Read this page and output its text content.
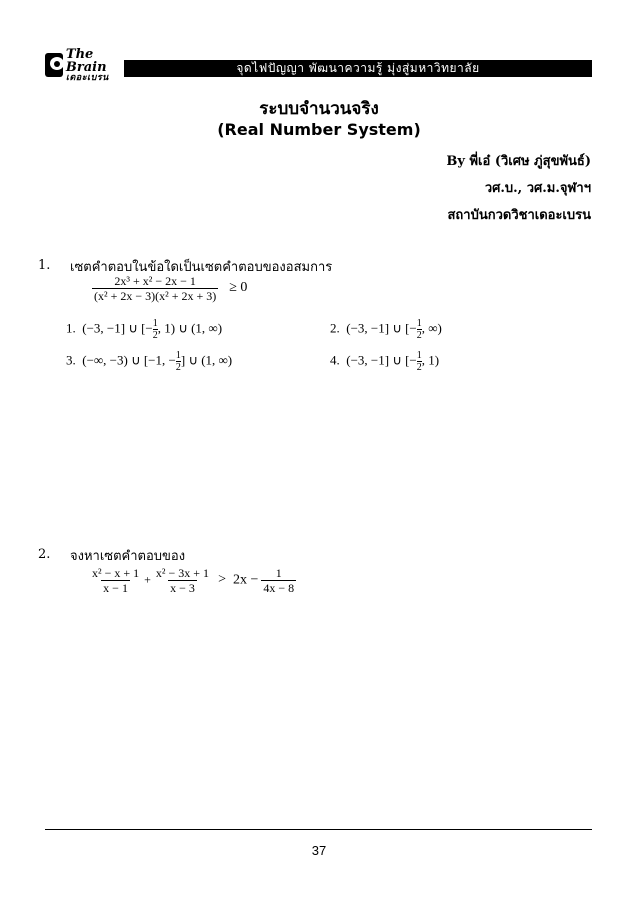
The Brain
เดอะเบรน
จุดไฟปัญญา พัฒนาความรู้ มุ่งสู่มหาวิทยาลัย
ระบบจำนวนจริง
(Real Number System)
By พี่เอ๋ (วิเศษ ภู่สุขพันธ์)
วศ.บ., วศ.ม.จุฬาฯ
สถาบันกวดวิชาเดอะเบรน
1. เซตคำตอบในข้อใดเป็นเซตคำตอบของอสมการ
$\frac{\text{2x³ + x² − 2x − 1}}{\text{(x² + 2x − 3)(x² + 2x + 3)}} \ge 0$
1. (−3, −1] ∪ [− $\frac{1}{2}$ , 1) ∪ (1, ∞)	2. (−3, −1] ∪ [− $\frac{1}{2}$ , ∞)
3. (−∞, −3) ∪ [−1, − $\frac{1}{2}$ ] ∪ (1, ∞)	4. (−3, −1] ∪ [− $\frac{1}{2}$ , 1)
2. จงหาเซตคำตอบของ
$\frac{\text{x² − x + 1}}{x - 1} + \frac{\text{x² − 3x + 1}}{x - 3} > 2x - \frac{1}{4x - 8}$
37
